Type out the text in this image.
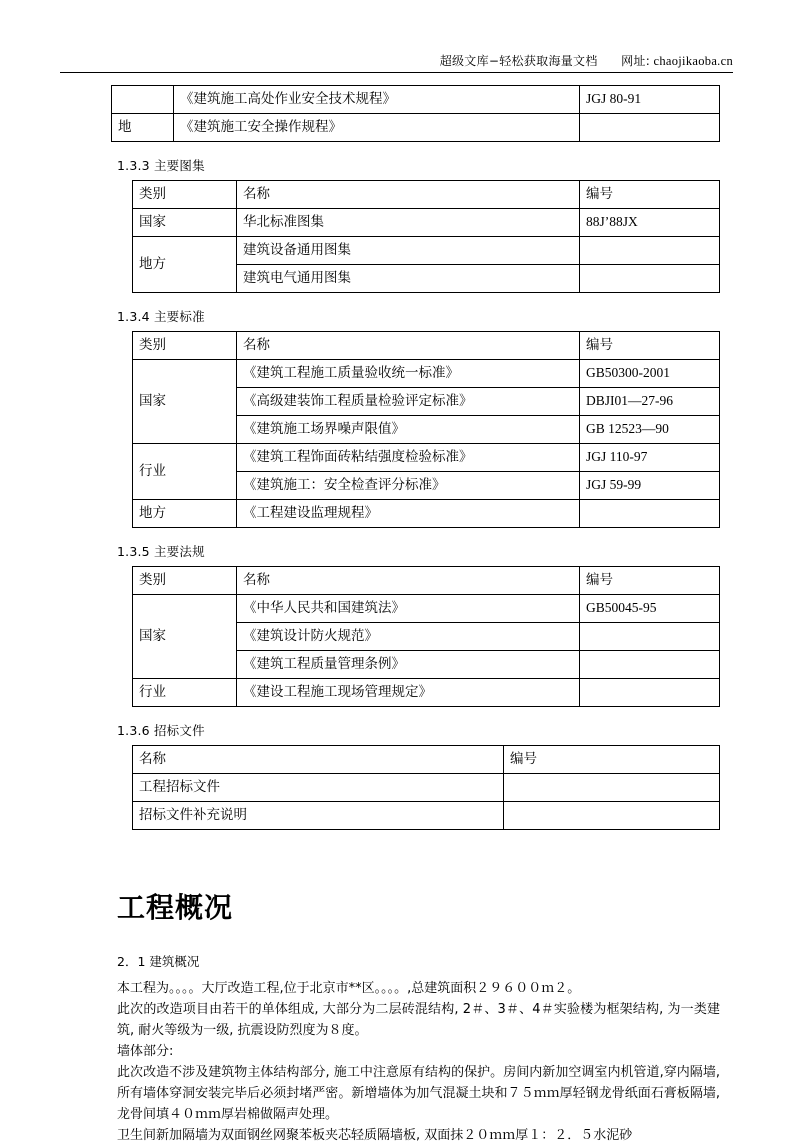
超级文库−轻松获取海量文档 网址: chaojikaoba.cn
	《建筑施工高处作业安全技术规程》	JGJ 80-91
地	《建筑施工安全操作规程》	
1.3.3 主要图集
类别	名称	编号
国家	华北标准图集	88J’88JX
地方	建筑设备通用图集	
	建筑电气通用图集	
1.3.4 主要标准
类别	名称	编号
国家	《建筑工程施工质量验收统一标准》	GB50300-2001
	《高级建装饰工程质量检验评定标准》	DBJI01—27-96
	《建筑施工场界噪声限值》	GB 12523—90
行业	《建筑工程饰面砖粘结强度检验标准》	JGJ 110-97
	《建筑施工：安全检查评分标准》	JGJ 59-99
地方	《工程建设监理规程》	
1.3.5 主要法规
类别	名称	编号
国家	《中华人民共和国建筑法》	GB50045-95
	《建筑设计防火规范》	
	《建筑工程质量管理条例》	
行业	《建设工程施工现场管理规定》	
1.3.6 招标文件
名称	编号
工程招标文件	
招标文件补充说明	
工程概况
2．1 建筑概况
本工程为。。。。大厅改造工程,位于北京市**区。。。。,总建筑面积２９６００ｍ２。
此次的改造项目由若干的单体组成, 大部分为二层砖混结构, 2＃、3＃、4＃实验楼为框架结构, 为一类建筑, 耐火等级为一级, 抗震设防烈度为８度。
墙体部分:
此次改造不涉及建筑物主体结构部分, 施工中注意原有结构的保护。房间内新加空调室内机管道,穿内隔墙,所有墙体穿洞安装完毕后必须封堵严密。新增墙体为加气混凝土块和７５ｍｍ厚轻钢龙骨纸面石膏板隔墙,龙骨间填４０ｍｍ厚岩棉做隔声处理。
卫生间新加隔墙为双面钢丝网聚苯板夹芯轻质隔墙板, 双面抹２０ｍｍ厚１：２．５水泥砂
